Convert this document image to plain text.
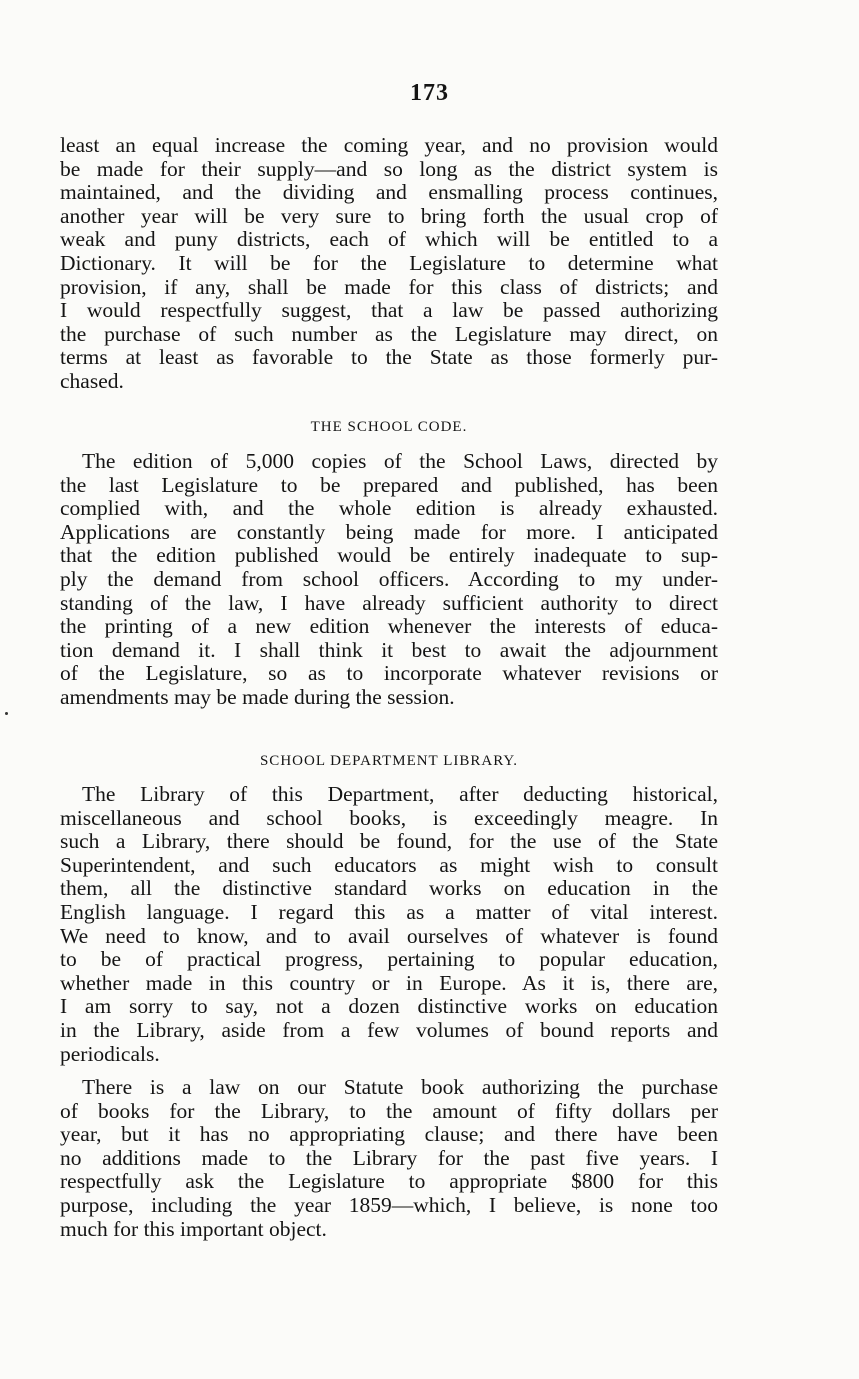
173
least an equal increase the coming year, and no provision would
be made for their supply—and so long as the district system is
maintained, and the dividing and ensmalling process continues,
another year will be very sure to bring forth the usual crop of
weak and puny districts, each of which will be entitled to a
Dictionary. It will be for the Legislature to determine what
provision, if any, shall be made for this class of districts; and
I would respectfully suggest, that a law be passed authorizing
the purchase of such number as the Legislature may direct, on
terms at least as favorable to the State as those formerly pur-
chased.
THE SCHOOL CODE.
The edition of 5,000 copies of the School Laws, directed by
the last Legislature to be prepared and published, has been
complied with, and the whole edition is already exhausted.
Applications are constantly being made for more. I anticipated
that the edition published would be entirely inadequate to sup-
ply the demand from school officers. According to my under-
standing of the law, I have already sufficient authority to direct
the printing of a new edition whenever the interests of educa-
tion demand it. I shall think it best to await the adjournment
of the Legislature, so as to incorporate whatever revisions or
amendments may be made during the session.
SCHOOL DEPARTMENT LIBRARY.
The Library of this Department, after deducting historical,
miscellaneous and school books, is exceedingly meagre. In
such a Library, there should be found, for the use of the State
Superintendent, and such educators as might wish to consult
them, all the distinctive standard works on education in the
English language. I regard this as a matter of vital interest.
We need to know, and to avail ourselves of whatever is found
to be of practical progress, pertaining to popular education,
whether made in this country or in Europe. As it is, there are,
I am sorry to say, not a dozen distinctive works on education
in the Library, aside from a few volumes of bound reports and
periodicals.
There is a law on our Statute book authorizing the purchase
of books for the Library, to the amount of fifty dollars per
year, but it has no appropriating clause; and there have been
no additions made to the Library for the past five years. I
respectfully ask the Legislature to appropriate $800 for this
purpose, including the year 1859—which, I believe, is none too
much for this important object.
